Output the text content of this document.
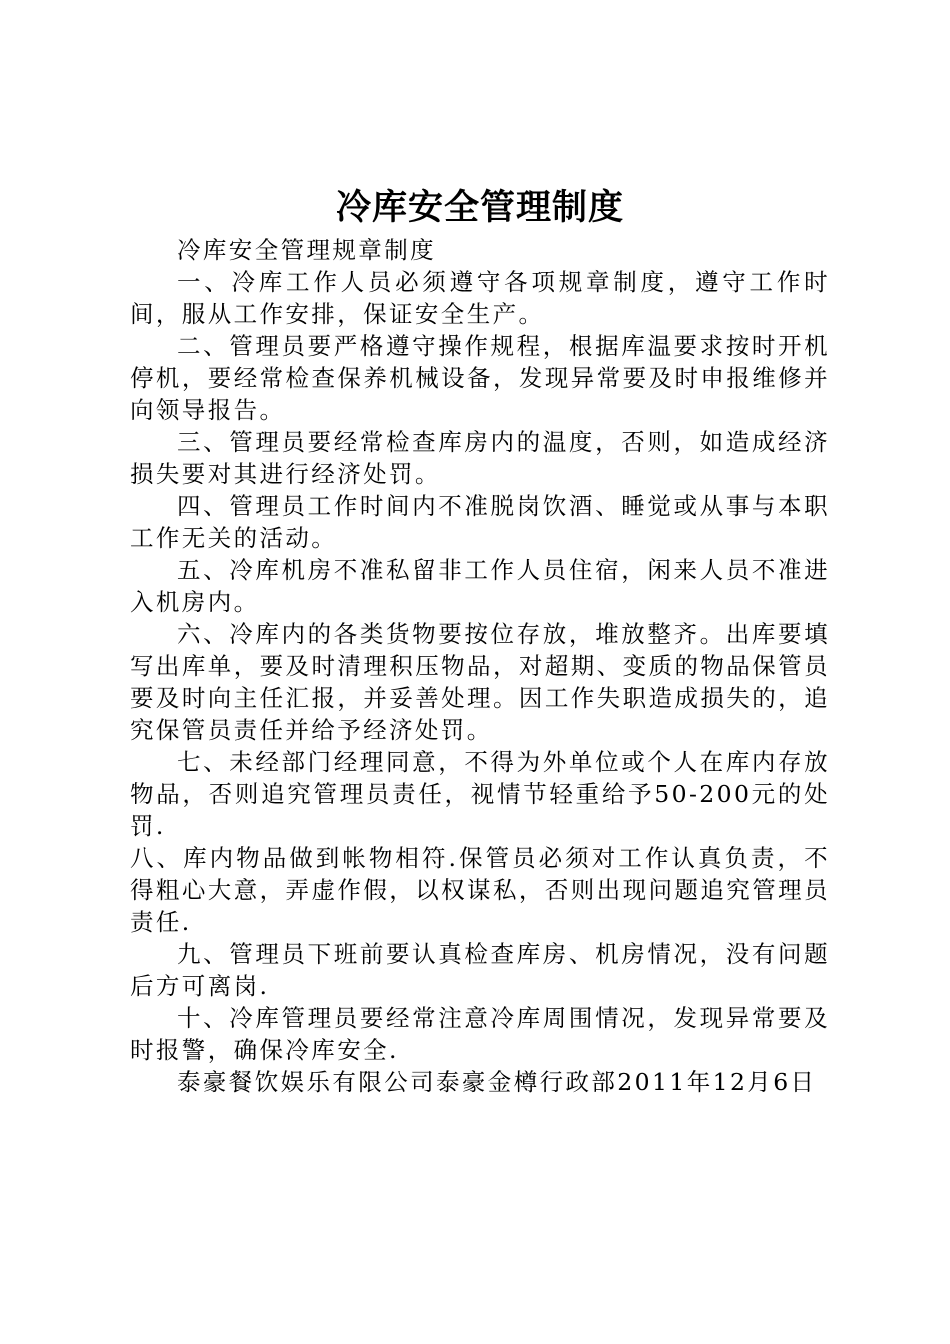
冷库安全管理制度

冷库安全管理规章制度

一、冷库工作人员必须遵守各项规章制度，遵守工作时间，服从工作安排，保证安全生产。

二、管理员要严格遵守操作规程，根据库温要求按时开机停机，要经常检查保养机械设备，发现异常要及时申报维修并向领导报告。

三、管理员要经常检查库房内的温度，否则，如造成经济损失要对其进行经济处罚。

四、管理员工作时间内不准脱岗饮酒、睡觉或从事与本职工作无关的活动。

五、冷库机房不准私留非工作人员住宿，闲来人员不准进入机房内。

六、冷库内的各类货物要按位存放，堆放整齐。出库要填写出库单，要及时清理积压物品，对超期、变质的物品保管员要及时向主任汇报，并妥善处理。因工作失职造成损失的，追究保管员责任并给予经济处罚。

七、未经部门经理同意，不得为外单位或个人在库内存放物品，否则追究管理员责任，视情节轻重给予50-200元的处罚.

八、库内物品做到帐物相符.保管员必须对工作认真负责，不得粗心大意，弄虚作假，以权谋私，否则出现问题追究管理员责任.

九、管理员下班前要认真检查库房、机房情况，没有问题后方可离岗.

十、冷库管理员要经常注意冷库周围情况，发现异常要及时报警，确保冷库安全.

泰豪餐饮娱乐有限公司泰豪金樽行政部2011年12月6日
